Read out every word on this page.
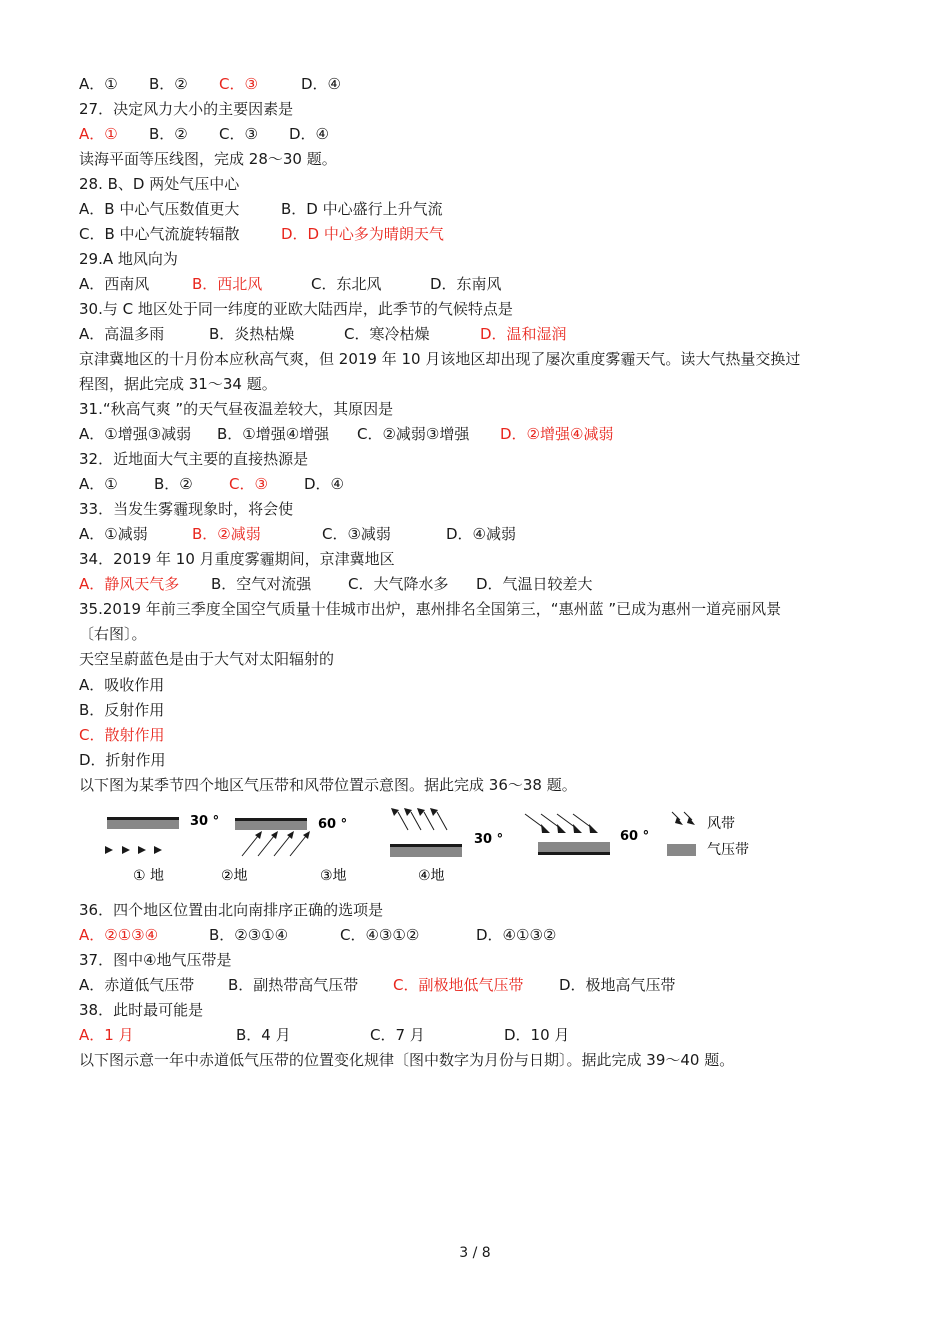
A．① B．② C．③	D．④
27．决定风力大小的主要因素是
A．① B．② C．③ D．④
读海平面等压线图，完成 28～30 题。
28. B、D 两处气压中心
A．B 中心气压数值更大	B．D 中心盛行上升气流
C．B 中心气流旋转辐散	D．D 中心多为晴朗天气
29.A 地风向为
A．西南风	B．西北风	C．东北风	D．东南风
30.与 C 地区处于同一纬度的亚欧大陆西岸，此季节的气候特点是
A．高温多雨	B．炎热枯燥	C．寒冷枯燥	D．温和湿润
京津冀地区的十月份本应秋高气爽，但 2019 年 10 月该地区却出现了屡次重度雾霾天气。读大气热量交换过
程图，据此完成 31～34 题。
31.“秋高气爽 ”的天气昼夜温差较大，其原因是
A．①增强③减弱 B．①增强④增强 C．②减弱③增强 D．②增强④减弱
32．近地面大气主要的直接热源是
A．① B．② C．③ D．④
33．当发生雾霾现象时，将会使
A．①减弱	B．②减弱	C．③减弱	D．④减弱
34．2019 年 10 月重度雾霾期间，京津冀地区
A．静风天气多 B．空气对流强 C．大气降水多 D．气温日较差大
35.2019 年前三季度全国空气质量十佳城市出炉，惠州排名全国第三，“惠州蓝 ”已成为惠州一道亮丽风景
〔右图〕。
天空呈蔚蓝色是由于大气对太阳辐射的
A．吸收作用
B．反射作用
C．散射作用
D．折射作用
以下图为某季节四个地区气压带和风带位置示意图。据此完成 36～38 题。
36．四个地区位置由北向南排序正确的选项是
A．②①③④	B．②③①④	C．④③①②	D．④①③②
37．图中④地气压带是
A．赤道低气压带 B．副热带高气压带 C．副极地低气压带 D．极地高气压带
38．此时最可能是
A．1 月	B．4 月	C．7 月	D．10 月
以下图示意一年中赤道低气压带的位置变化规律〔图中数字为月份与日期〕。据此完成 39～40 题。
30 °
① 地
60 °
②地	③地
30 °
④地
60 °
风带
气压带
3 / 8
